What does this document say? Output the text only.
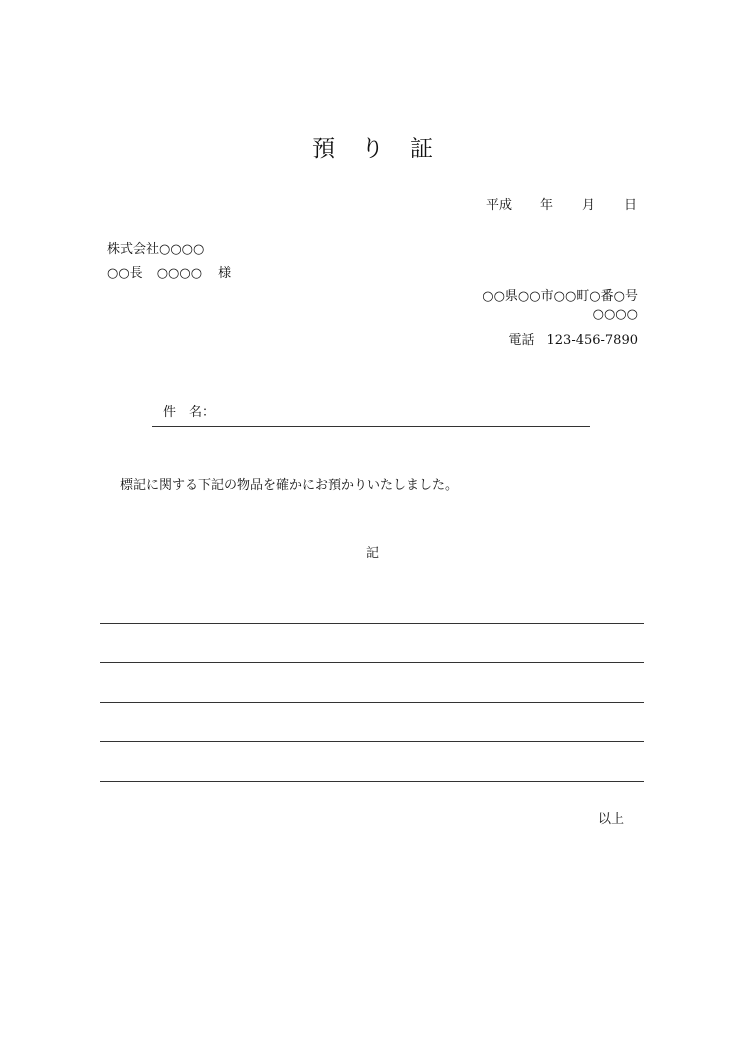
預り証
平成 年 月 日
株式会社○○○○
○○長 ○○○○ 様
○○県○○市○○町○番○号
○○○○
電話 123-456-7890
件　名：
標記に関する下記の物品を確かにお預かりいたしました。
記
以上
